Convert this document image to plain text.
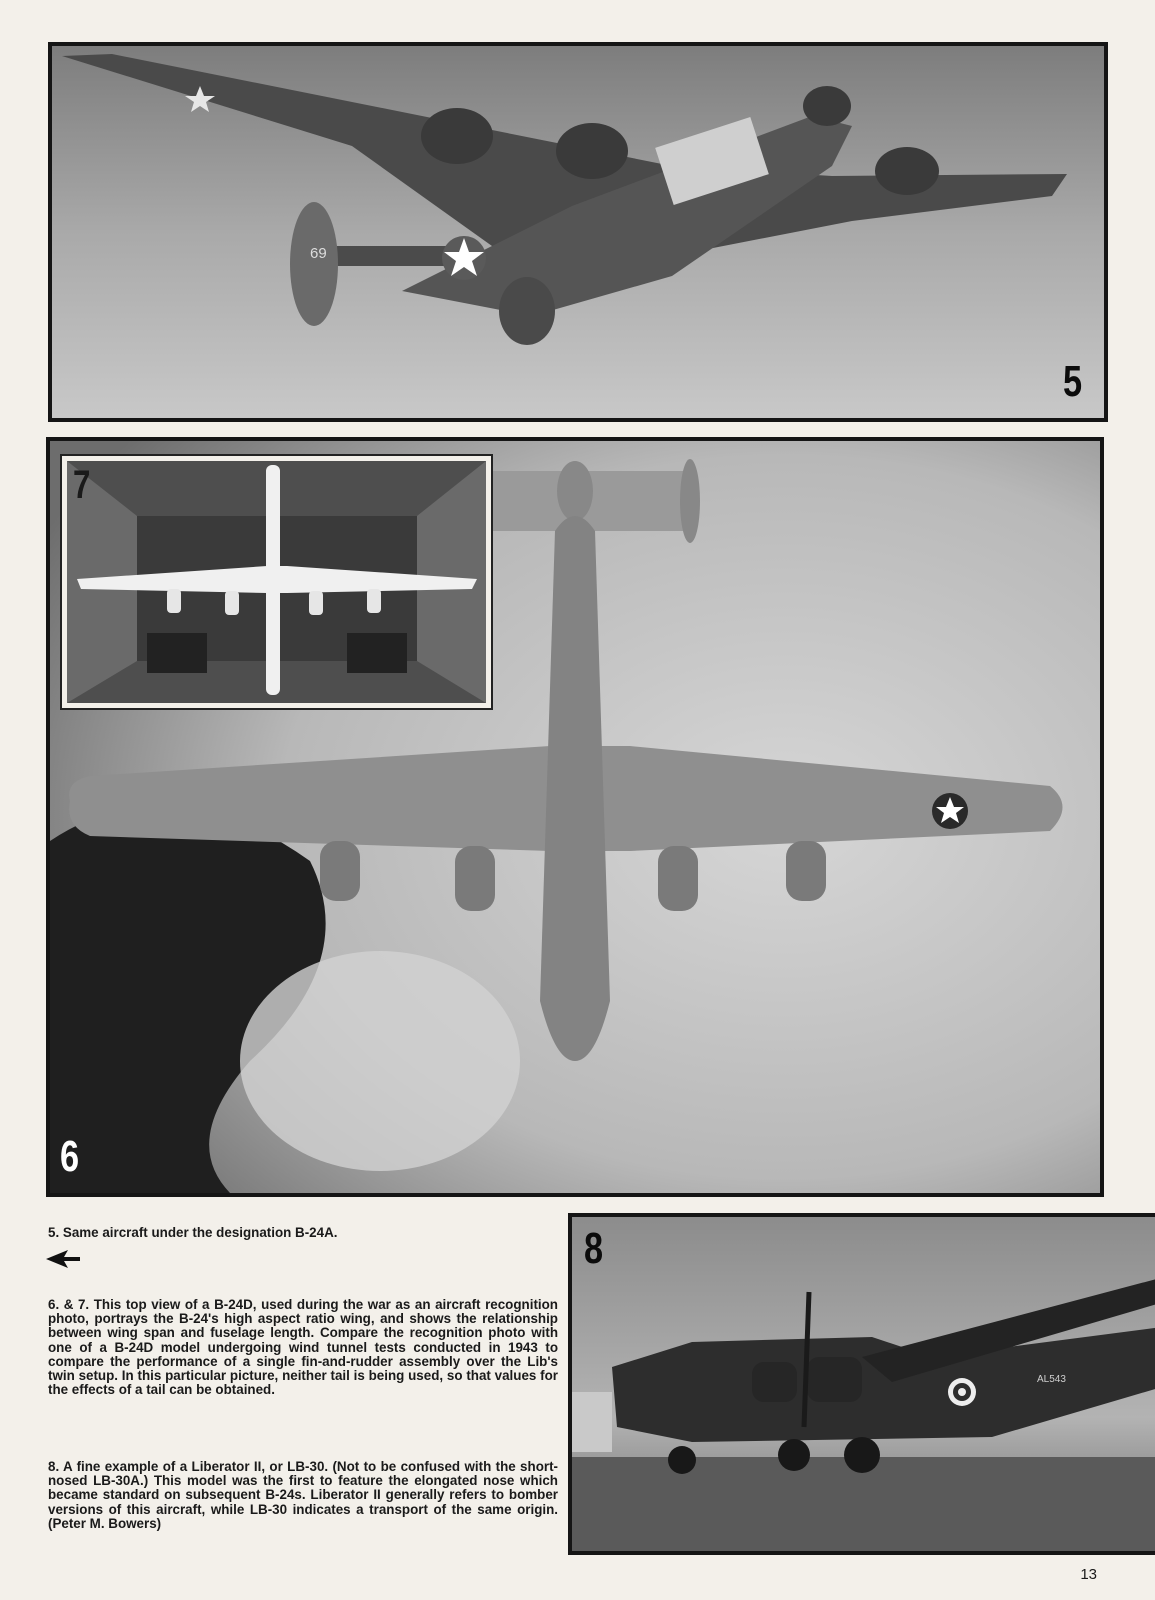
69
5
6
7
AL543
8
5. Same aircraft under the designation B-24A.
6. & 7. This top view of a B-24D, used during the war as an aircraft recognition photo, portrays the B-24's high aspect ratio wing, and shows the relationship between wing span and fuselage length. Compare the recognition photo with one of a B-24D model undergoing wind tunnel tests conducted in 1943 to compare the performance of a single fin-and-rudder assembly over the Lib's twin setup. In this particular picture, neither tail is being used, so that values for the effects of a tail can be obtained.
8. A fine example of a Liberator II, or LB-30. (Not to be confused with the short-nosed LB-30A.) This model was the first to feature the elongated nose which became standard on subsequent B-24s. Liberator II generally refers to bomber versions of this aircraft, while LB-30 indicates a transport of the same origin. (Peter M. Bowers)
13
